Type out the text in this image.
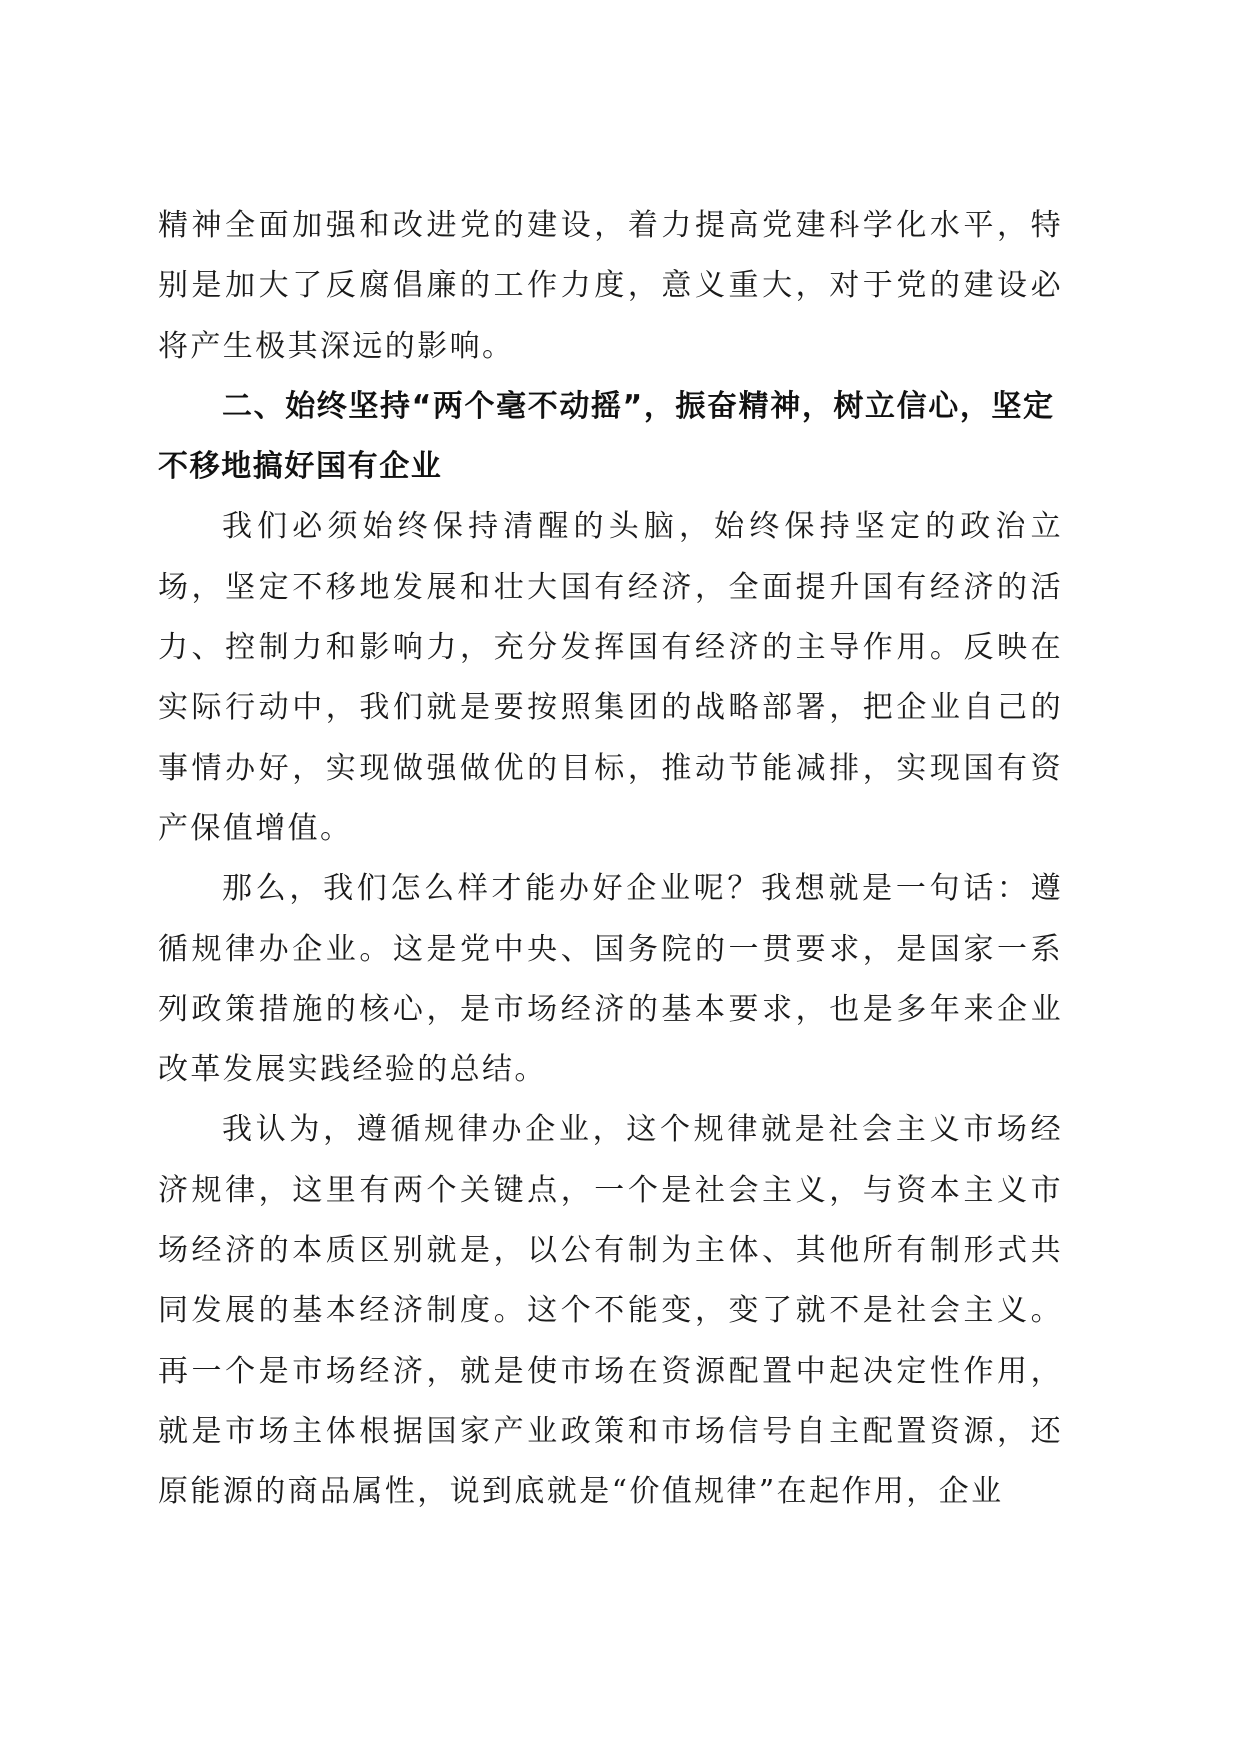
精神全面加强和改进党的建设，着力提高党建科学化水平，特别是加大了反腐倡廉的工作力度，意义重大，对于党的建设必将产生极其深远的影响。

二、始终坚持“两个毫不动摇”，振奋精神，树立信心，坚定不移地搞好国有企业

我们必须始终保持清醒的头脑，始终保持坚定的政治立场，坚定不移地发展和壮大国有经济，全面提升国有经济的活力、控制力和影响力，充分发挥国有经济的主导作用。反映在实际行动中，我们就是要按照集团的战略部署，把企业自己的事情办好，实现做强做优的目标，推动节能减排，实现国有资产保值增值。

那么，我们怎么样才能办好企业呢？我想就是一句话：遵循规律办企业。这是党中央、国务院的一贯要求，是国家一系列政策措施的核心，是市场经济的基本要求，也是多年来企业改革发展实践经验的总结。

我认为，遵循规律办企业，这个规律就是社会主义市场经济规律，这里有两个关键点，一个是社会主义，与资本主义市场经济的本质区别就是，以公有制为主体、其他所有制形式共同发展的基本经济制度。这个不能变，变了就不是社会主义。再一个是市场经济，就是使市场在资源配置中起决定性作用，就是市场主体根据国家产业政策和市场信号自主配置资源，还原能源的商品属性，说到底就是“价值规律”在起作用，企业
